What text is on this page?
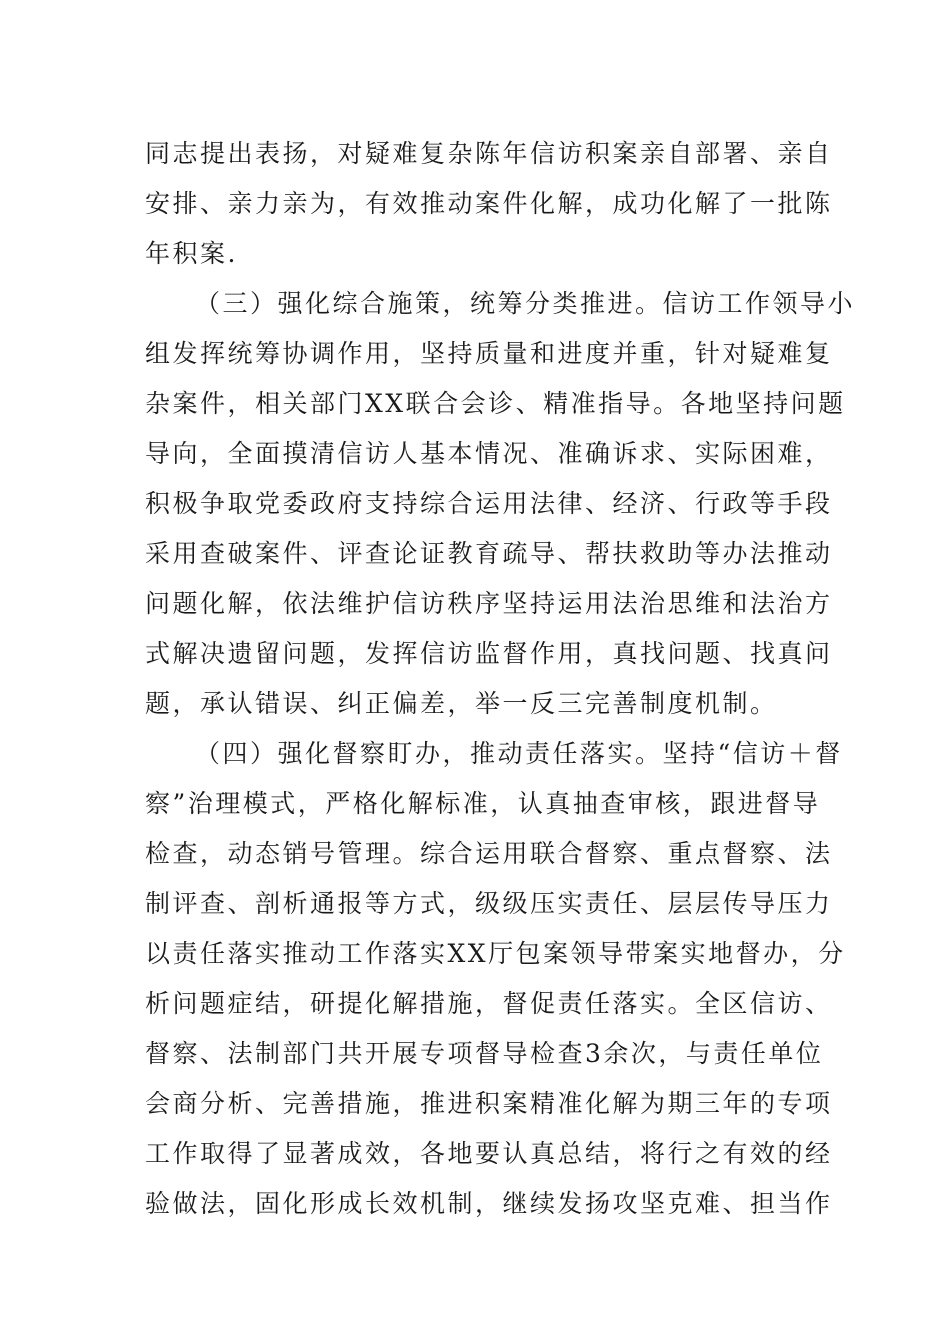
同志提出表扬，对疑难复杂陈年信访积案亲自部署、亲自
安排、亲力亲为，有效推动案件化解，成功化解了一批陈
年积案.
（三）强化综合施策，统筹分类推进。信访工作领导小
组发挥统筹协调作用，坚持质量和进度并重，针对疑难复
杂案件，相关部门XX联合会诊、精准指导。各地坚持问题
导向，全面摸清信访人基本情况、准确诉求、实际困难，
积极争取党委政府支持综合运用法律、经济、行政等手段
采用查破案件、评查论证教育疏导、帮扶救助等办法推动
问题化解，依法维护信访秩序坚持运用法治思维和法治方
式解决遗留问题，发挥信访监督作用，真找问题、找真问
题，承认错误、纠正偏差，举一反三完善制度机制。
（四）强化督察盯办，推动责任落实。坚持“信访＋督
察”治理模式，严格化解标准，认真抽查审核，跟进督导
检查，动态销号管理。综合运用联合督察、重点督察、法
制评查、剖析通报等方式，级级压实责任、层层传导压力
以责任落实推动工作落实XX厅包案领导带案实地督办，分
析问题症结，研提化解措施，督促责任落实。全区信访、
督察、法制部门共开展专项督导检查3余次，与责任单位
会商分析、完善措施，推进积案精准化解为期三年的专项
工作取得了显著成效，各地要认真总结，将行之有效的经
验做法，固化形成长效机制，继续发扬攻坚克难、担当作
